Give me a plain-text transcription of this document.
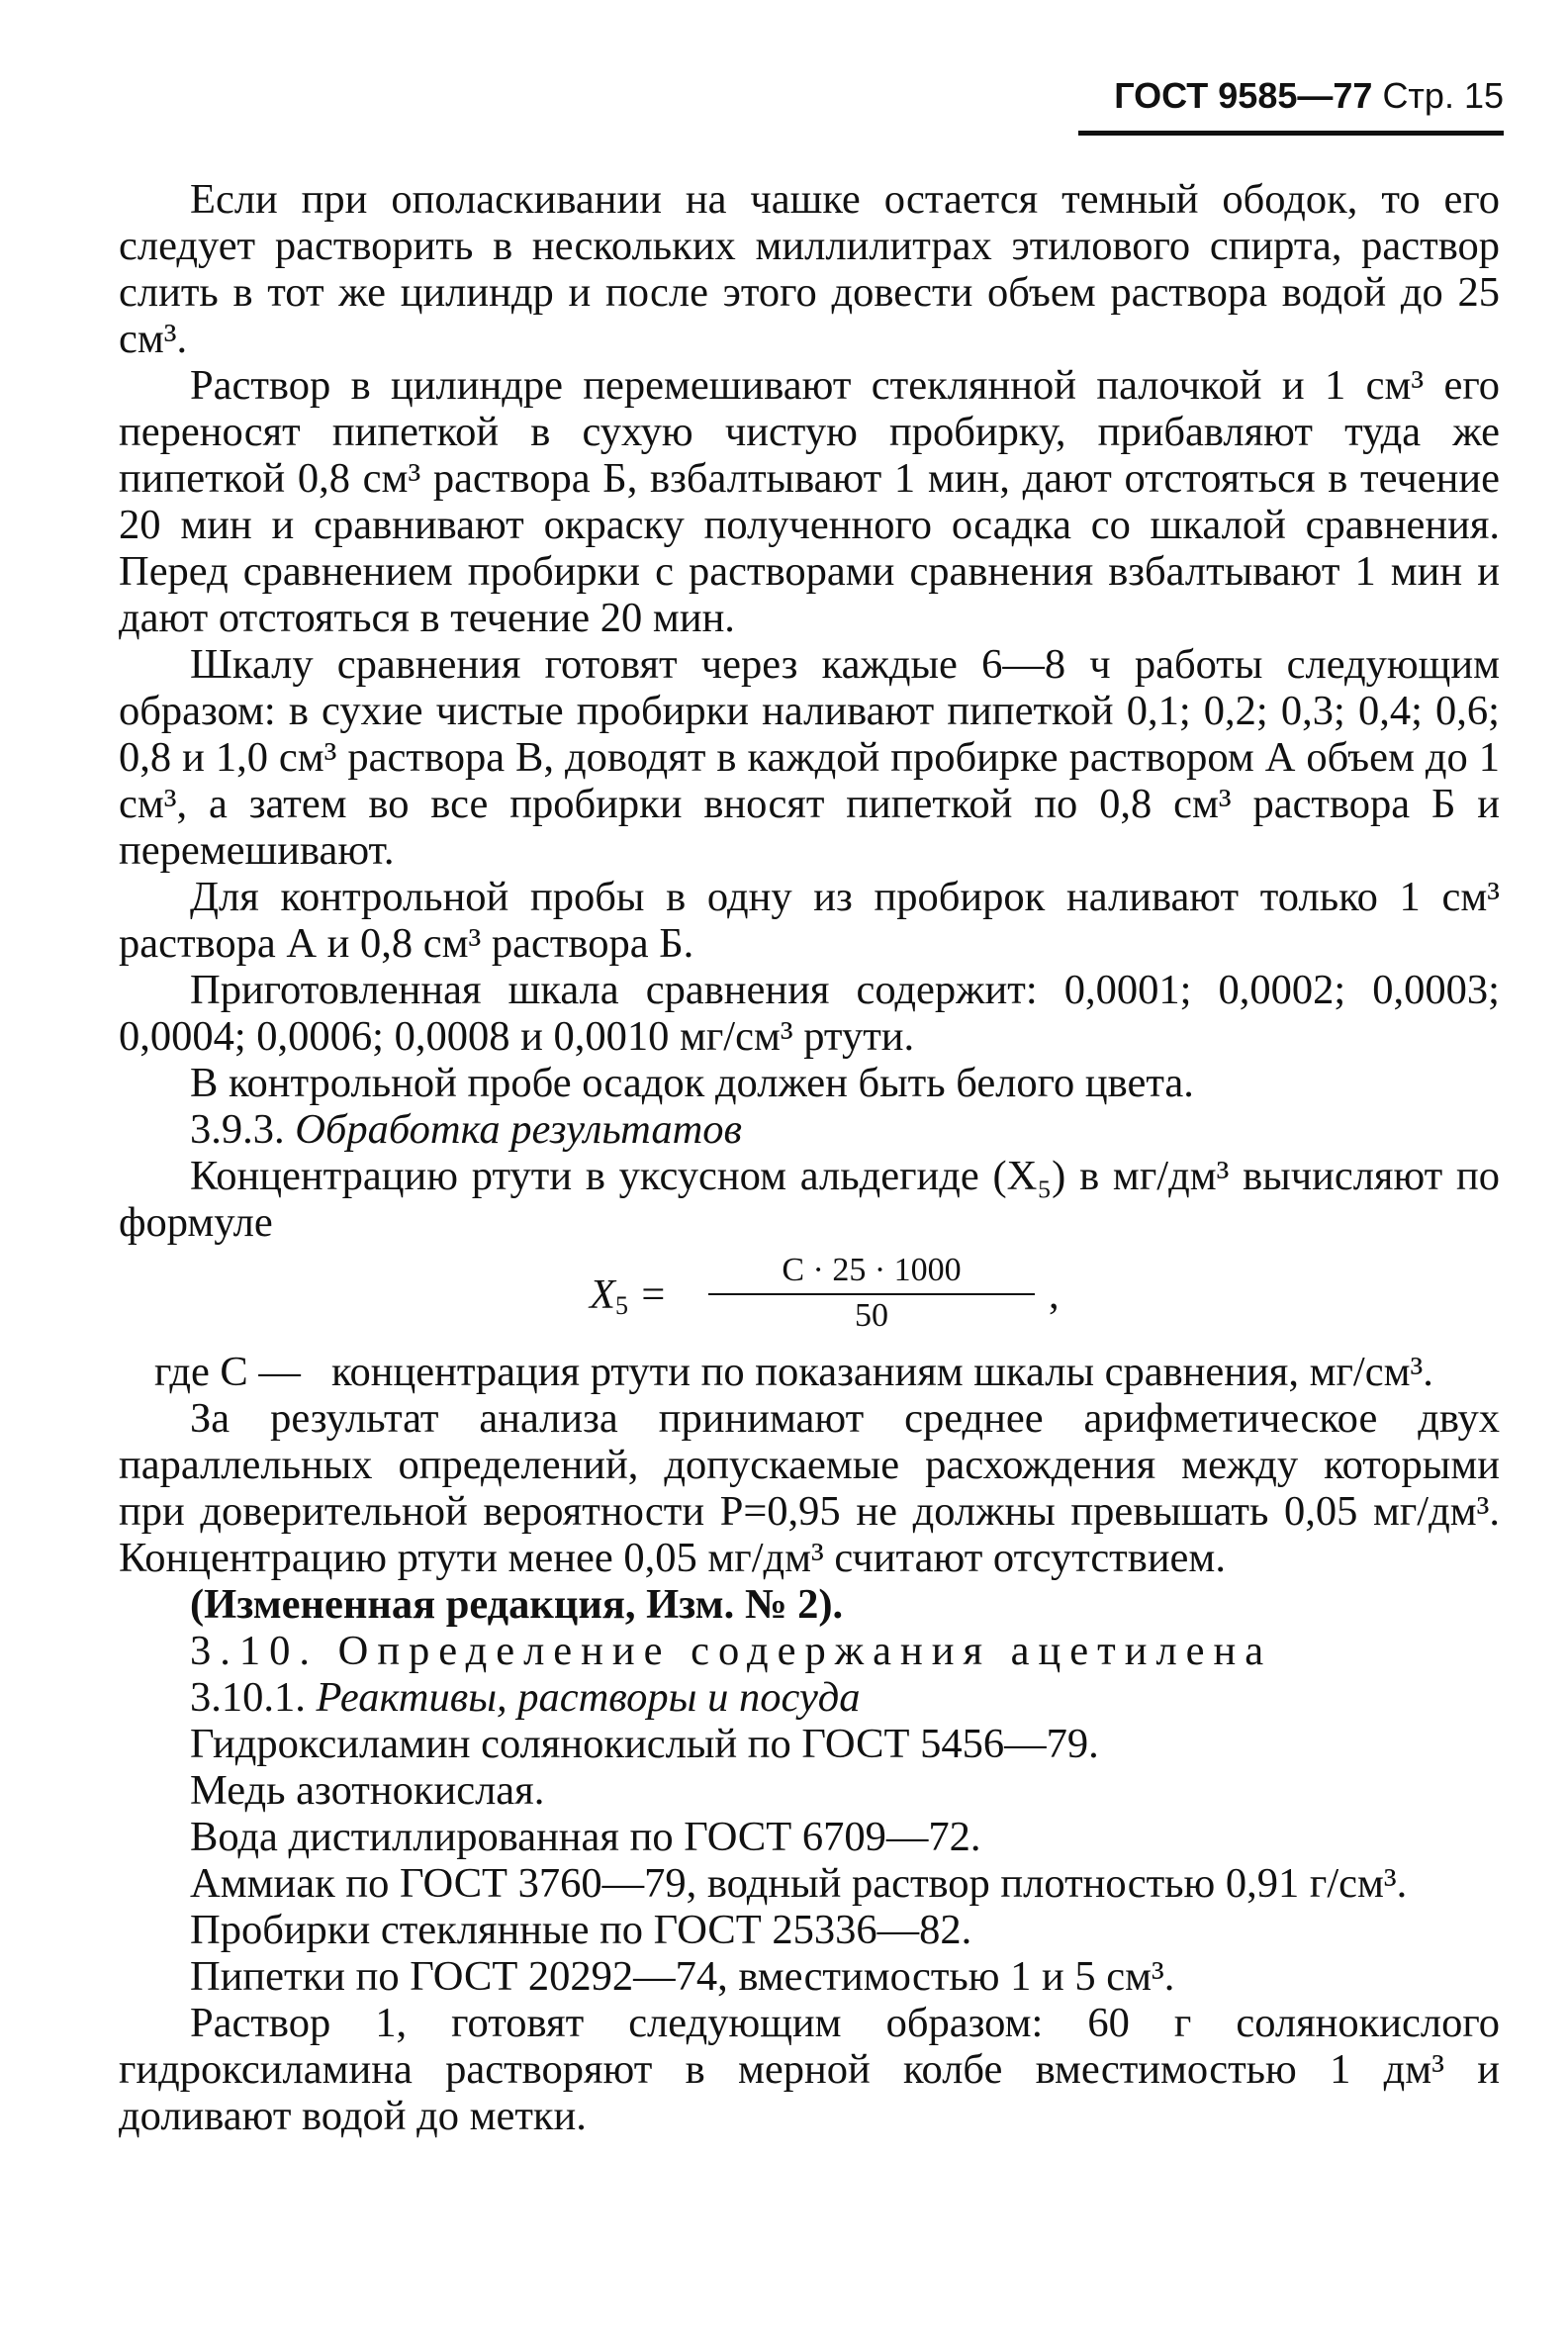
ГОСТ 9585—77 Стр. 15

Если при ополаскивании на чашке остается темный ободок, то его следует растворить в нескольких миллилитрах этилового спирта, раствор слить в тот же цилиндр и после этого довести объем раствора водой до 25 см³.

Раствор в цилиндре перемешивают стеклянной палочкой и 1 см³ его переносят пипеткой в сухую чистую пробирку, прибавляют туда же пипеткой 0,8 см³ раствора Б, взбалтывают 1 мин, дают отстояться в течение 20 мин и сравнивают окраску полученного осадка со шкалой сравнения. Перед сравнением пробирки с растворами сравнения взбалтывают 1 мин и дают отстояться в течение 20 мин.

Шкалу сравнения готовят через каждые 6—8 ч работы следующим образом: в сухие чистые пробирки наливают пипеткой 0,1; 0,2; 0,3; 0,4; 0,6; 0,8 и 1,0 см³ раствора В, доводят в каждой пробирке раствором А объем до 1 см³, а затем во все пробирки вносят пипеткой по 0,8 см³ раствора Б и перемешивают.

Для контрольной пробы в одну из пробирок наливают только 1 см³ раствора А и 0,8 см³ раствора Б.

Приготовленная шкала сравнения содержит: 0,0001; 0,0002; 0,0003; 0,0004; 0,0006; 0,0008 и 0,0010 мг/см³ ртути.

В контрольной пробе осадок должен быть белого цвета.

3.9.3. Обработка результатов

Концентрацию ртути в уксусном альдегиде (X₅) в мг/дм³ вычисляют по формуле

$X_5 = \frac{C \cdot 25 \cdot 1000}{50}$ ,

где C — концентрация ртути по показаниям шкалы сравнения, мг/см³.

За результат анализа принимают среднее арифметическое двух параллельных определений, допускаемые расхождения между которыми при доверительной вероятности P=0,95 не должны превышать 0,05 мг/дм³. Концентрацию ртути менее 0,05 мг/дм³ считают отсутствием.

(Измененная редакция, Изм. № 2).

3.10. Определение содержания ацетилена

3.10.1. Реактивы, растворы и посуда

Гидроксиламин солянокислый по ГОСТ 5456—79.

Медь азотнокислая.

Вода дистиллированная по ГОСТ 6709—72.

Аммиак по ГОСТ 3760—79, водный раствор плотностью 0,91 г/см³.

Пробирки стеклянные по ГОСТ 25336—82.

Пипетки по ГОСТ 20292—74, вместимостью 1 и 5 см³.

Раствор 1, готовят следующим образом: 60 г солянокислого гидроксиламина растворяют в мерной колбе вместимостью 1 дм³ и доливают водой до метки.
